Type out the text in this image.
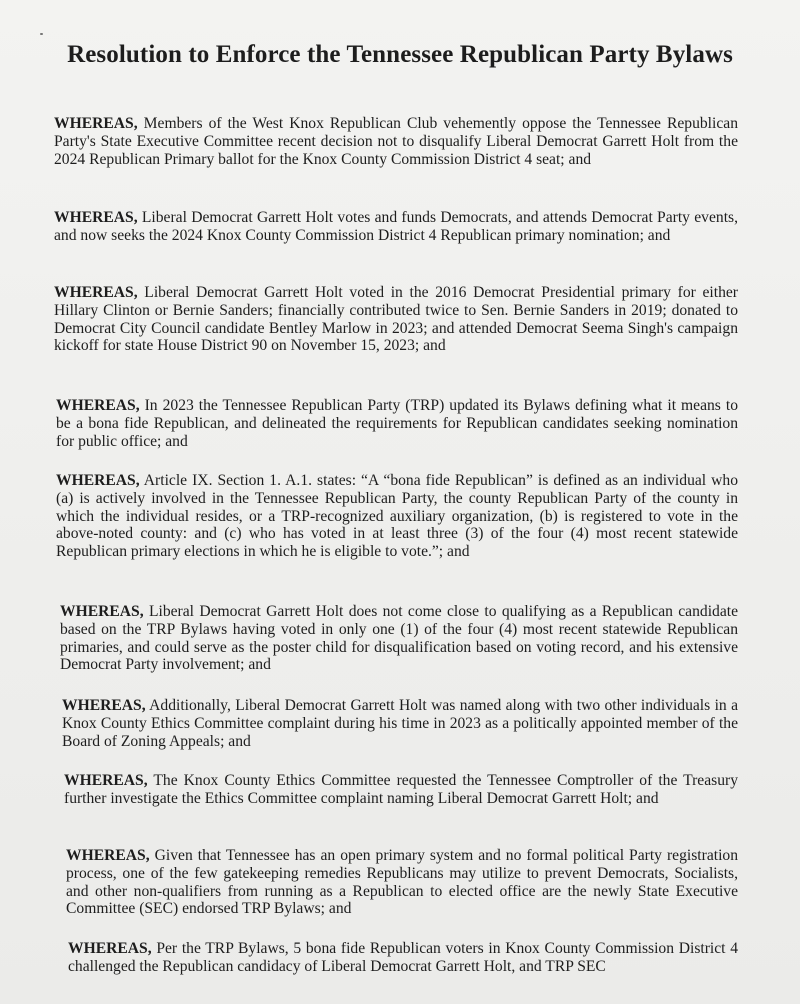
Resolution to Enforce the Tennessee Republican Party Bylaws

WHEREAS, Members of the West Knox Republican Club vehemently oppose the Tennessee Republican Party's State Executive Committee recent decision not to disqualify Liberal Democrat Garrett Holt from the 2024 Republican Primary ballot for the Knox County Commission District 4 seat; and

WHEREAS, Liberal Democrat Garrett Holt votes and funds Democrats, and attends Democrat Party events, and now seeks the 2024 Knox County Commission District 4 Republican primary nomination; and

WHEREAS, Liberal Democrat Garrett Holt voted in the 2016 Democrat Presidential primary for either Hillary Clinton or Bernie Sanders; financially contributed twice to Sen. Bernie Sanders in 2019; donated to Democrat City Council candidate Bentley Marlow in 2023; and attended Democrat Seema Singh's campaign kickoff for state House District 90 on November 15, 2023; and

WHEREAS, In 2023 the Tennessee Republican Party (TRP) updated its Bylaws defining what it means to be a bona fide Republican, and delineated the requirements for Republican candidates seeking nomination for public office; and

WHEREAS, Article IX. Section 1. A.1. states: “A “bona fide Republican” is defined as an individual who (a) is actively involved in the Tennessee Republican Party, the county Republican Party of the county in which the individual resides, or a TRP-recognized auxiliary organization, (b) is registered to vote in the above-noted county: and (c) who has voted in at least three (3) of the four (4) most recent statewide Republican primary elections in which he is eligible to vote.”; and

WHEREAS, Liberal Democrat Garrett Holt does not come close to qualifying as a Republican candidate based on the TRP Bylaws having voted in only one (1) of the four (4) most recent statewide Republican primaries, and could serve as the poster child for disqualification based on voting record, and his extensive Democrat Party involvement; and

WHEREAS, Additionally, Liberal Democrat Garrett Holt was named along with two other individuals in a Knox County Ethics Committee complaint during his time in 2023 as a politically appointed member of the Board of Zoning Appeals; and

WHEREAS, The Knox County Ethics Committee requested the Tennessee Comptroller of the Treasury further investigate the Ethics Committee complaint naming Liberal Democrat Garrett Holt; and

WHEREAS, Given that Tennessee has an open primary system and no formal political Party registration process, one of the few gatekeeping remedies Republicans may utilize to prevent Democrats, Socialists, and other non-qualifiers from running as a Republican to elected office are the newly State Executive Committee (SEC) endorsed TRP Bylaws; and

WHEREAS, Per the TRP Bylaws, 5 bona fide Republican voters in Knox County Commission District 4 challenged the Republican candidacy of Liberal Democrat Garrett Holt, and TRP SEC
